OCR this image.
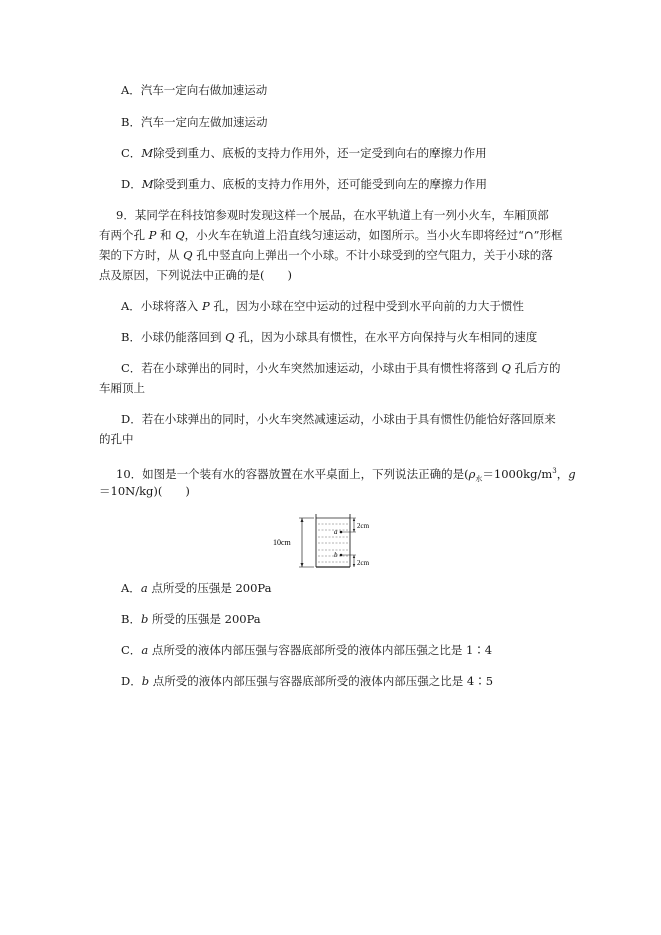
A．汽车一定向右做加速运动
B．汽车一定向左做加速运动
C．M除受到重力、底板的支持力作用外，还一定受到向右的摩擦力作用
D．M除受到重力、底板的支持力作用外，还可能受到向左的摩擦力作用
9．某同学在科技馆参观时发现这样一个展品，在水平轨道上有一列小火车，车厢顶部
有两个孔 P 和 Q，小火车在轨道上沿直线匀速运动，如图所示。当小火车即将经过“∩”形框
架的下方时，从 Q 孔中竖直向上弹出一个小球。不计小球受到的空气阻力，关于小球的落
点及原因，下列说法中正确的是(　　)
A．小球将落入 P 孔，因为小球在空中运动的过程中受到水平向前的力大于惯性
B．小球仍能落回到 Q 孔，因为小球具有惯性，在水平方向保持与火车相同的速度
C．若在小球弹出的同时，小火车突然加速运动，小球由于具有惯性将落到 Q 孔后方的
车厢顶上
D．若在小球弹出的同时，小火车突然减速运动，小球由于具有惯性仍能恰好落回原来
的孔中
10．如图是一个装有水的容器放置在水平桌面上，下列说法正确的是($\rho_水=1000kg/m^3$，g
＝10N/kg)(　　)
10cm
a
b
2cm
2cm
A．a 点所受的压强是 200Pa
B．b 所受的压强是 200Pa
C．a 点所受的液体内部压强与容器底部所受的液体内部压强之比是 1∶4
D．b 点所受的液体内部压强与容器底部所受的液体内部压强之比是 4∶5
